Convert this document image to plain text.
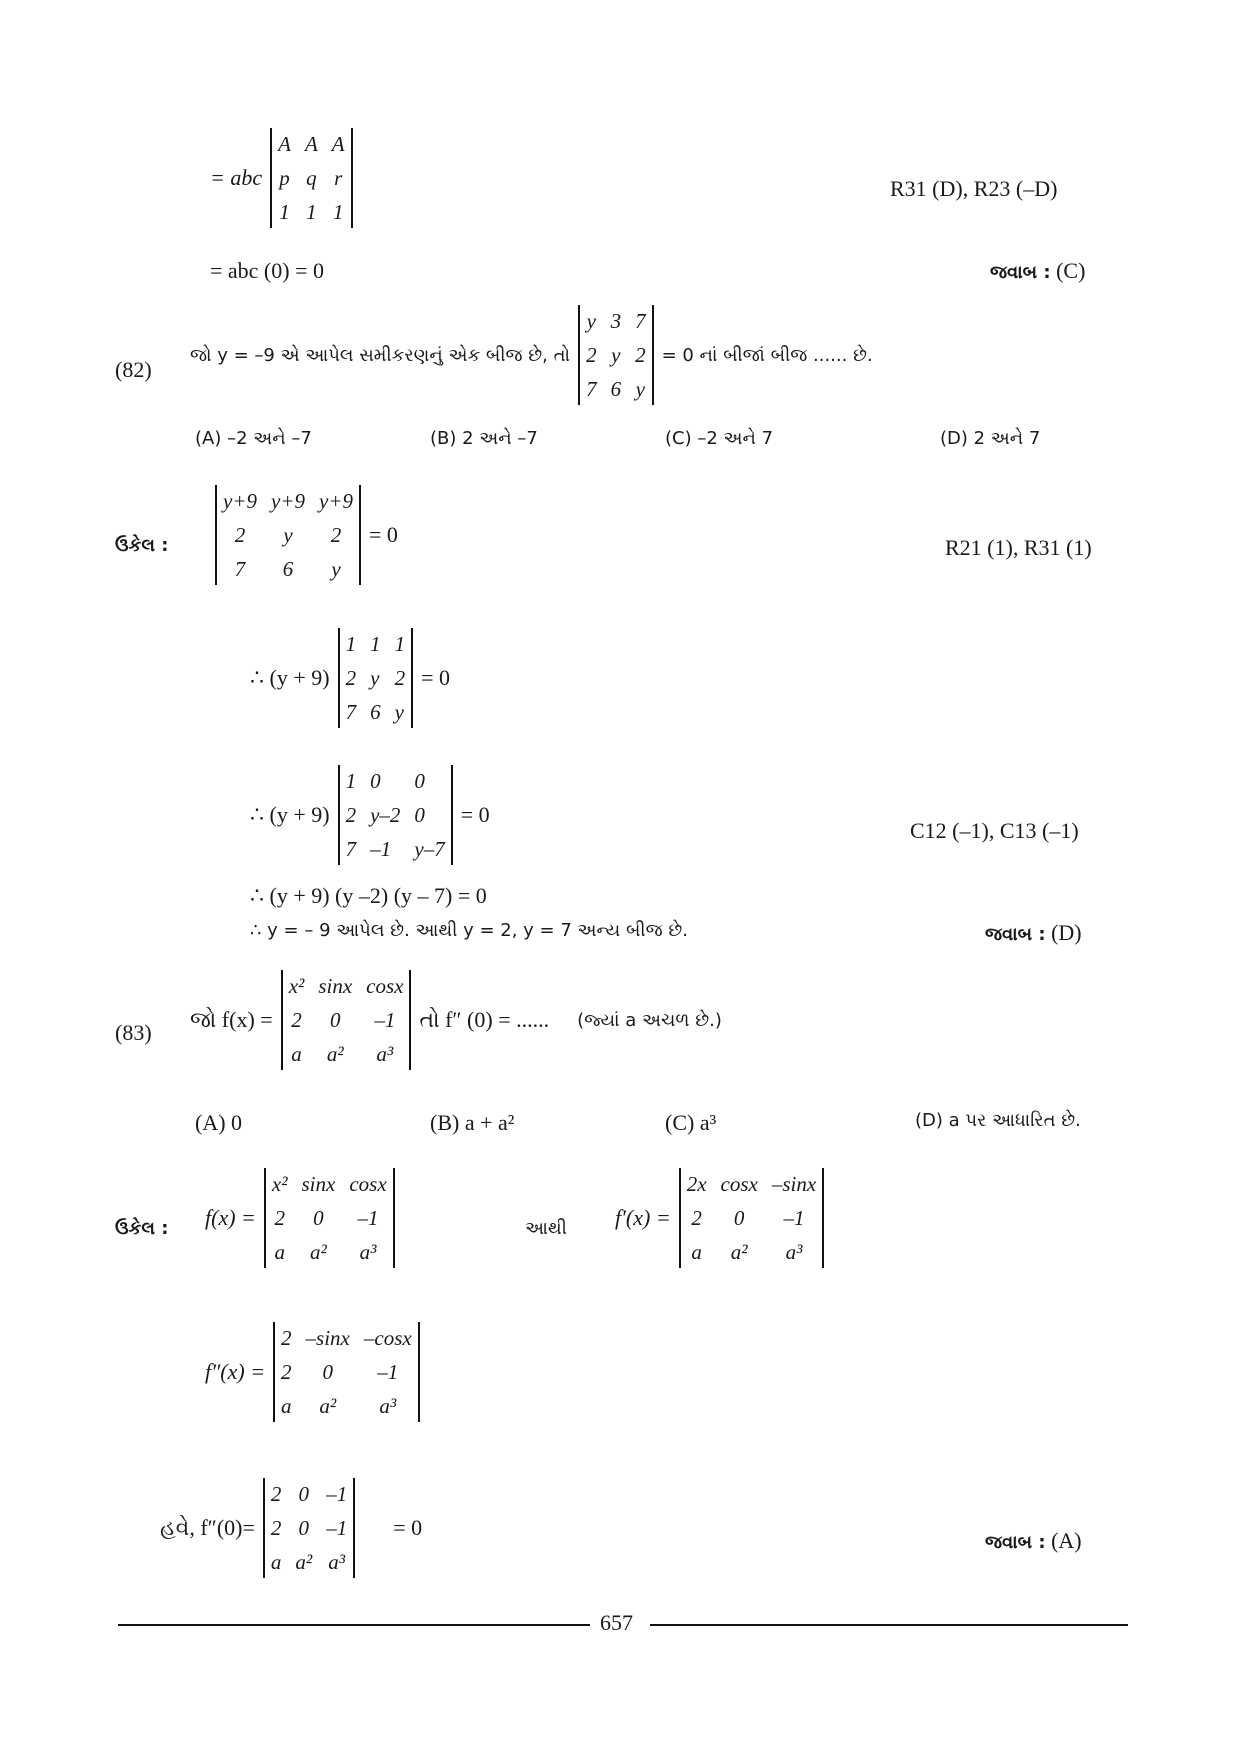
= abc
A A A
p q r
1 1 1
R31 (D), R23 (–D)
= abc (0) = 0	જવાબ : (C)
(82)
જો y = –9 એ આપેલ સમીકરણનું એક બીજ છે, તો
y 3 7
2 y 2
7 6 y
= 0 નાં બીજાં બીજ ...... છે.
(A) –2 અને –7	(B) 2 અને –7	(C) –2 અને 7	(D) 2 અને 7
ઉકેલ :
y+9 y+9 y+9
2	y	2
7	6	y
= 0
R21 (1), R31 (1)
∴ (y + 9)
1 1 1
2 y 2
7 6 y
= 0
∴ (y + 9)
1 0	0
2 y–2 0
7 –1	y–7
= 0
C12 (–1), C13 (–1)
∴ (y + 9) (y –2) (y – 7) = 0
∴ y = – 9 આપેલ છે. આથી y = 2, y = 7 અન્ય બીજ છે.	જવાબ : (D)
(83)
જો f(x) =
x² sinx cosx
2	0	–1
a	a²	a³
તો f″ (0) = ...... (જ્યાં a અચળ છે.)
(A) 0	(B) a + a²	(C) a³	(D) a પર આધારિત છે.
ઉકેલ : f(x) =
x² sinx cosx
2	0	–1
a	a²	a³
આથી f′(x) =
2x cosx –sinx
2	0	–1
a	a²	a³
f″(x) =
2 –sinx –cosx
2	0	–1
a	a²	a³
હવે, f″(0)=
2 0 –1
2 0 –1
a a² a³
= 0
જવાબ : (A)
657
